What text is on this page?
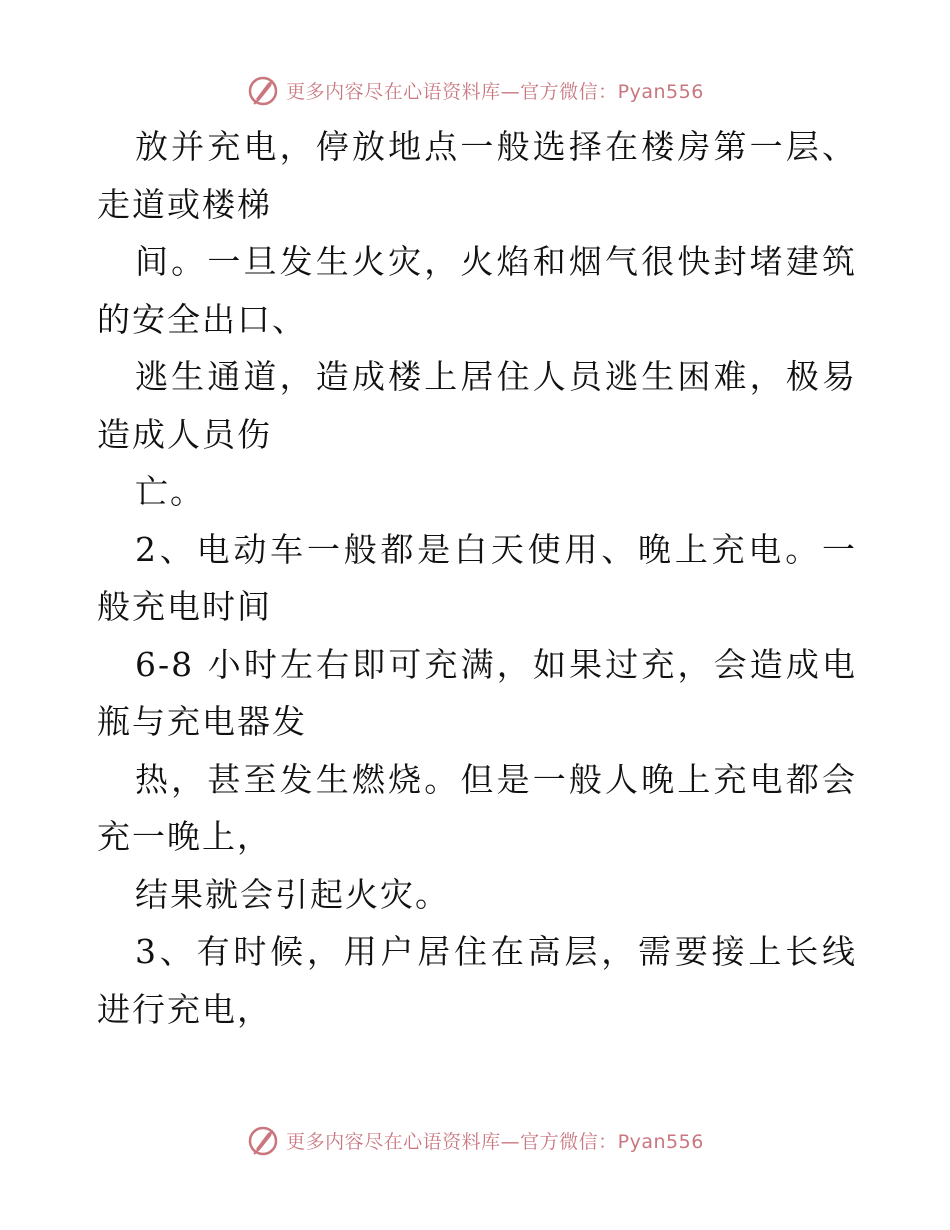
更多内容尽在心语资料库—官方微信：Pyan556
放并充电，停放地点一般选择在楼房第一层、走道或楼梯
间。一旦发生火灾，火焰和烟气很快封堵建筑的安全出口、
逃生通道，造成楼上居住人员逃生困难，极易造成人员伤
亡。
2、电动车一般都是白天使用、晚上充电。一般充电时间
6-8 小时左右即可充满，如果过充，会造成电瓶与充电器发
热，甚至发生燃烧。但是一般人晚上充电都会充一晚上，
结果就会引起火灾。
3、有时候，用户居住在高层，需要接上长线进行充电，
更多内容尽在心语资料库—官方微信：Pyan556
